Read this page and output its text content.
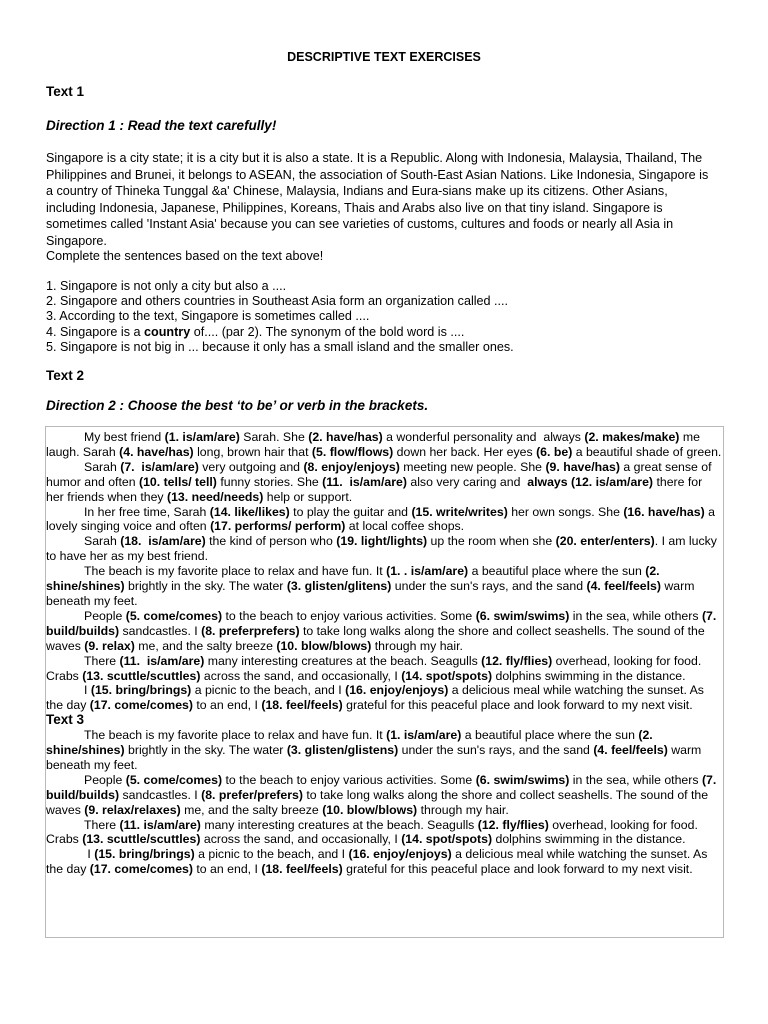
DESCRIPTIVE TEXT EXERCISES
Text 1
Direction 1 : Read the text carefully!

Singapore is a city state; it is a city but it is also a state. It is a Republic. Along with Indonesia, Malaysia, Thailand, The Philippines and Brunei, it belongs to ASEAN, the association of South-East Asian Nations. Like Indonesia, Singapore is a country of Thineka Tunggal &a' Chinese, Malaysia, Indians and Eura-sians make up its citizens. Other Asians, including Indonesia, Japanese, Philippines, Koreans, Thais and Arabs also live on that tiny island. Singapore is sometimes called 'Instant Asia' because you can see varieties of customs, cultures and foods or nearly all Asia in Singapore.

Complete the sentences based on the text above!

1. Singapore is not only a city but also a ....
2. Singapore and others countries in Southeast Asia form an organization called ....
3. According to the text, Singapore is sometimes called ....
4. Singapore is a country of.... (par 2). The synonym of the bold word is ....
5. Singapore is not big in ... because it only has a small island and the smaller ones.
Text 2
Direction 2 : Choose the best ‘to be’ or verb in the brackets.

My best friend (1. is/am/are) Sarah. She (2. have/has) a wonderful personality and  always (2. makes/make) me laugh. Sarah (4. have/has) long, brown hair that (5. flow/flows) down her back. Her eyes (6. be) a beautiful shade of green.

Sarah (7.  is/am/are) very outgoing and (8. enjoy/enjoys) meeting new people. She (9. have/has) a great sense of humor and often (10. tells/ tell) funny stories. She (11.  is/am/are) also very caring and  always (12. is/am/are) there for her friends when they (13. need/needs) help or support.

In her free time, Sarah (14. like/likes) to play the guitar and (15. write/writes) her own songs. She (16. have/has) a lovely singing voice and often (17. performs/ perform) at local coffee shops.

Sarah (18.  is/am/are) the kind of person who (19. light/lights) up the room when she (20. enter/enters). I am lucky to have her as my best friend.

The beach is my favorite place to relax and have fun. It (1. . is/am/are) a beautiful place where the sun (2. shine/shines) brightly in the sky. The water (3. glisten/glitens) under the sun's rays, and the sand (4. feel/feels) warm beneath my feet.

People (5. come/comes) to the beach to enjoy various activities. Some (6. swim/swims) in the sea, while others (7. build/builds) sandcastles. I (8. preferprefers) to take long walks along the shore and collect seashells. The sound of the waves (9. relax) me, and the salty breeze (10. blow/blows) through my hair.

There (11.  is/am/are) many interesting creatures at the beach. Seagulls (12. fly/flies) overhead, looking for food. Crabs (13. scuttle/scuttles) across the sand, and occasionally, I (14. spot/spots) dolphins swimming in the distance.

I (15. bring/brings) a picnic to the beach, and I (16. enjoy/enjoys) a delicious meal while watching the sunset. As the day (17. come/comes) to an end, I (18. feel/feels) grateful for this peaceful place and look forward to my next visit.

Text 3

The beach is my favorite place to relax and have fun. It (1. is/am/are) a beautiful place where the sun (2. shine/shines) brightly in the sky. The water (3. glisten/glistens) under the sun's rays, and the sand (4. feel/feels) warm beneath my feet.

People (5. come/comes) to the beach to enjoy various activities. Some (6. swim/swims) in the sea, while others (7. build/builds) sandcastles. I (8. prefer/prefers) to take long walks along the shore and collect seashells. The sound of the waves (9. relax/relaxes) me, and the salty breeze (10. blow/blows) through my hair.

There (11. is/am/are) many interesting creatures at the beach. Seagulls (12. fly/flies) overhead, looking for food. Crabs (13. scuttle/scuttles) across the sand, and occasionally, I (14. spot/spots) dolphins swimming in the distance.

I (15. bring/brings) a picnic to the beach, and I (16. enjoy/enjoys) a delicious meal while watching the sunset. As the day (17. come/comes) to an end, I (18. feel/feels) grateful for this peaceful place and look forward to my next visit.
